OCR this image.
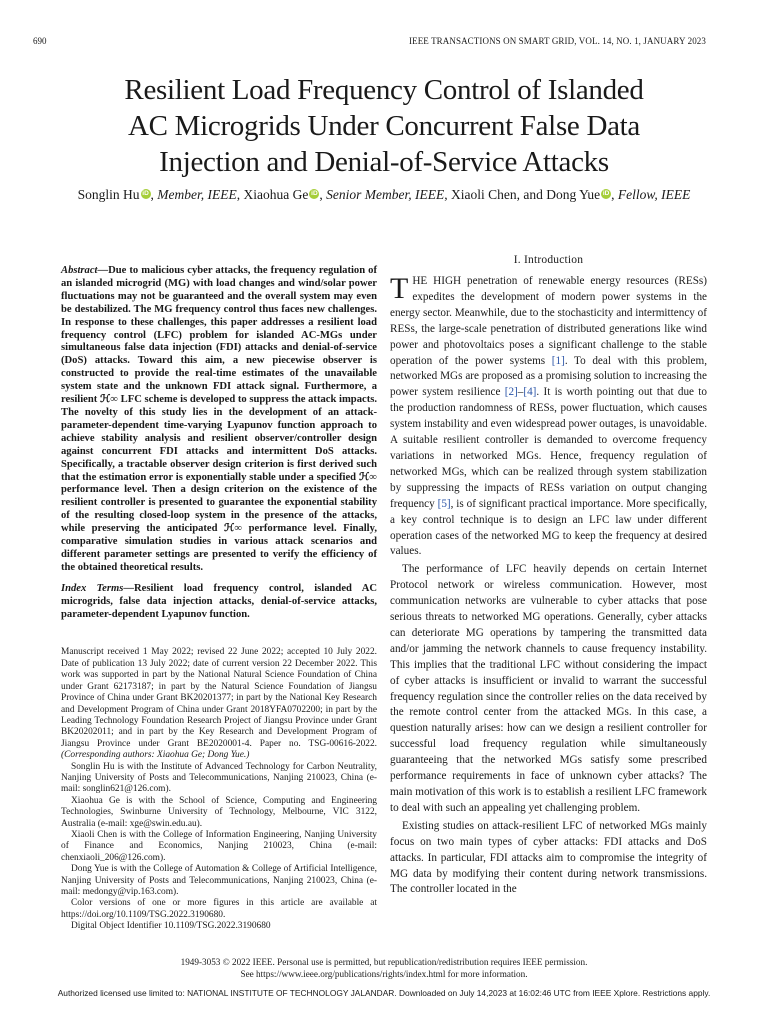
690	IEEE TRANSACTIONS ON SMART GRID, VOL. 14, NO. 1, JANUARY 2023
Resilient Load Frequency Control of Islanded
AC Microgrids Under Concurrent False Data
Injection and Denial-of-Service Attacks
Songlin Hu iD , Member, IEEE, Xiaohua Ge iD , Senior Member, IEEE, Xiaoli Chen, and Dong Yue iD , Fellow, IEEE

Abstract—Due to malicious cyber attacks, the frequency regulation of an islanded microgrid (MG) with load changes and wind/solar power fluctuations may not be guaranteed and the overall system may even be destabilized. The MG frequency control thus faces new challenges. In response to these challenges, this paper addresses a resilient load frequency control (LFC) problem for islanded AC-MGs under simultaneous false data injection (FDI) attacks and denial-of-service (DoS) attacks. Toward this aim, a new piecewise observer is constructed to provide the real-time estimates of the unavailable system state and the unknown FDI attack signal. Furthermore, a resilient ℋ∞ LFC scheme is developed to suppress the attack impacts. The novelty of this study lies in the development of an attack-parameter-dependent time-varying Lyapunov function approach to achieve stability analysis and resilient observer/controller design against concurrent FDI attacks and intermittent DoS attacks. Specifically, a tractable observer design criterion is first derived such that the estimation error is exponentially stable under a specified ℋ∞ performance level. Then a design criterion on the existence of the resilient controller is presented to guarantee the exponential stability of the resulting closed-loop system in the presence of the attacks, while preserving the anticipated ℋ∞ performance level. Finally, comparative simulation studies in various attack scenarios and different parameter settings are presented to verify the efficiency of the obtained theoretical results.

Index Terms—Resilient load frequency control, islanded AC microgrids, false data injection attacks, denial-of-service attacks, parameter-dependent Lyapunov function.

Manuscript received 1 May 2022; revised 22 June 2022; accepted 10 July 2022. Date of publication 13 July 2022; date of current version 22 December 2022. This work was supported in part by the National Natural Science Foundation of China under Grant 62173187; in part by the Natural Science Foundation of Jiangsu Province of China under Grant BK20201377; in part by the National Key Research and Development Program of China under Grant 2018YFA0702200; in part by the Leading Technology Foundation Research Project of Jiangsu Province under Grant BK20202011; and in part by the Key Research and Development Program of Jiangsu Province under Grant BE2020001-4. Paper no. TSG-00616-2022. (Corresponding authors: Xiaohua Ge; Dong Yue.)

Songlin Hu is with the Institute of Advanced Technology for Carbon Neutrality, Nanjing University of Posts and Telecommunications, Nanjing 210023, China (e-mail: songlin621@126.com).

Xiaohua Ge is with the School of Science, Computing and Engineering Technologies, Swinburne University of Technology, Melbourne, VIC 3122, Australia (e-mail: xge@swin.edu.au).

Xiaoli Chen is with the College of Information Engineering, Nanjing University of Finance and Economics, Nanjing 210023, China (e-mail: chenxiaoli_206@126.com).

Dong Yue is with the College of Automation & College of Artificial Intelligence, Nanjing University of Posts and Telecommunications, Nanjing 210023, China (e-mail: medongy@vip.163.com).

Color versions of one or more figures in this article are available at https://doi.org/10.1109/TSG.2022.3190680.

Digital Object Identifier 10.1109/TSG.2022.3190680

I. Introduction

THE HIGH penetration of renewable energy resources (RESs) expedites the development of modern power systems in the energy sector. Meanwhile, due to the stochasticity and intermittency of RESs, the large-scale penetration of distributed generations like wind power and photovoltaics poses a significant challenge to the stable operation of the power systems [1]. To deal with this problem, networked MGs are proposed as a promising solution to increasing the power system resilience [2]–[4]. It is worth pointing out that due to the production randomness of RESs, power fluctuation, which causes system instability and even widespread power outages, is unavoidable. A suitable resilient controller is demanded to overcome frequency variations in networked MGs. Hence, frequency regulation of networked MGs, which can be realized through system stabilization by suppressing the impacts of RESs variation on output changing frequency [5], is of significant practical importance. More specifically, a key control technique is to design an LFC law under different operation cases of the networked MG to keep the frequency at desired values.

The performance of LFC heavily depends on certain Internet Protocol network or wireless communication. However, most communication networks are vulnerable to cyber attacks that pose serious threats to networked MG operations. Generally, cyber attacks can deteriorate MG operations by tampering the transmitted data and/or jamming the network channels to cause frequency instability. This implies that the traditional LFC without considering the impact of cyber attacks is insufficient or invalid to warrant the successful frequency regulation since the controller relies on the data received by the remote control center from the attacked MGs. In this case, a question naturally arises: how can we design a resilient controller for successful load frequency regulation while simultaneously guaranteeing that the networked MGs satisfy some prescribed performance requirements in face of unknown cyber attacks? The main motivation of this work is to establish a resilient LFC framework to deal with such an appealing yet challenging problem.

Existing studies on attack-resilient LFC of networked MGs mainly focus on two main types of cyber attacks: FDI attacks and DoS attacks. In particular, FDI attacks aim to compromise the integrity of MG data by modifying their content during network transmissions. The controller located in the

1949-3053 © 2022 IEEE. Personal use is permitted, but republication/redistribution requires IEEE permission.
See https://www.ieee.org/publications/rights/index.html for more information.
Authorized licensed use limited to: NATIONAL INSTITUTE OF TECHNOLOGY JALANDAR. Downloaded on July 14,2023 at 16:02:46 UTC from IEEE Xplore. Restrictions apply.
